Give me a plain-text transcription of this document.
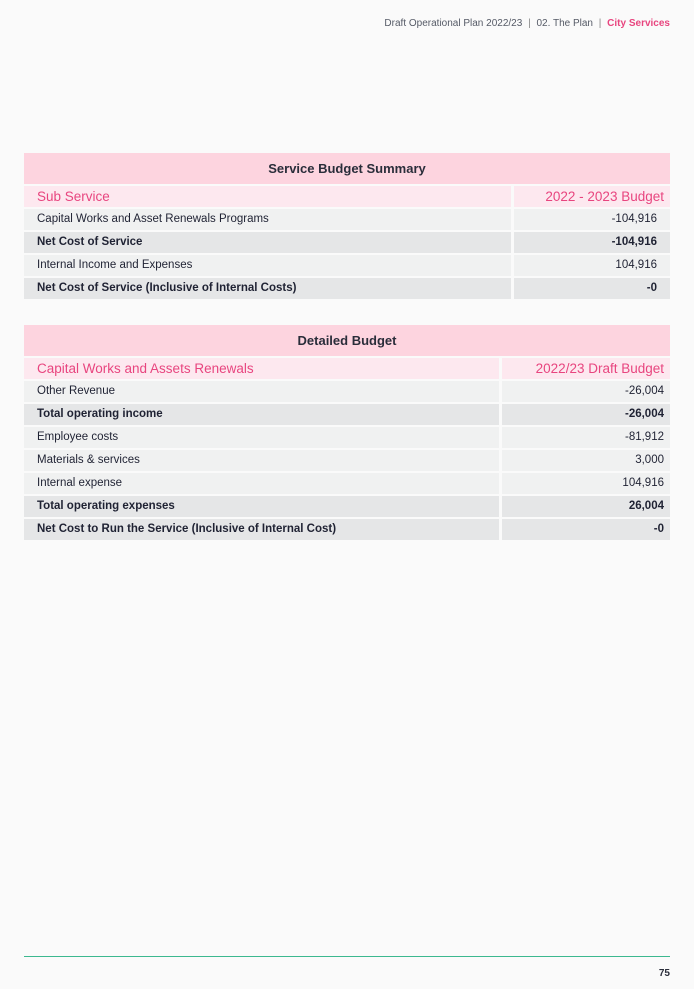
Draft Operational Plan 2022/23 | 02. The Plan | City Services
Service Budget Summary
Sub Service	2022 - 2023 Budget
Capital Works and Asset Renewals Programs	-104,916
Net Cost of Service	-104,916
Internal Income and Expenses	104,916
Net Cost of Service (Inclusive of Internal Costs)	-0
Detailed Budget
Capital Works and Assets Renewals	2022/23 Draft Budget
Other Revenue	-26,004
Total operating income	-26,004
Employee costs	-81,912
Materials & services	3,000
Internal expense	104,916
Total operating expenses	26,004
Net Cost to Run the Service (Inclusive of Internal Cost)	-0
75
